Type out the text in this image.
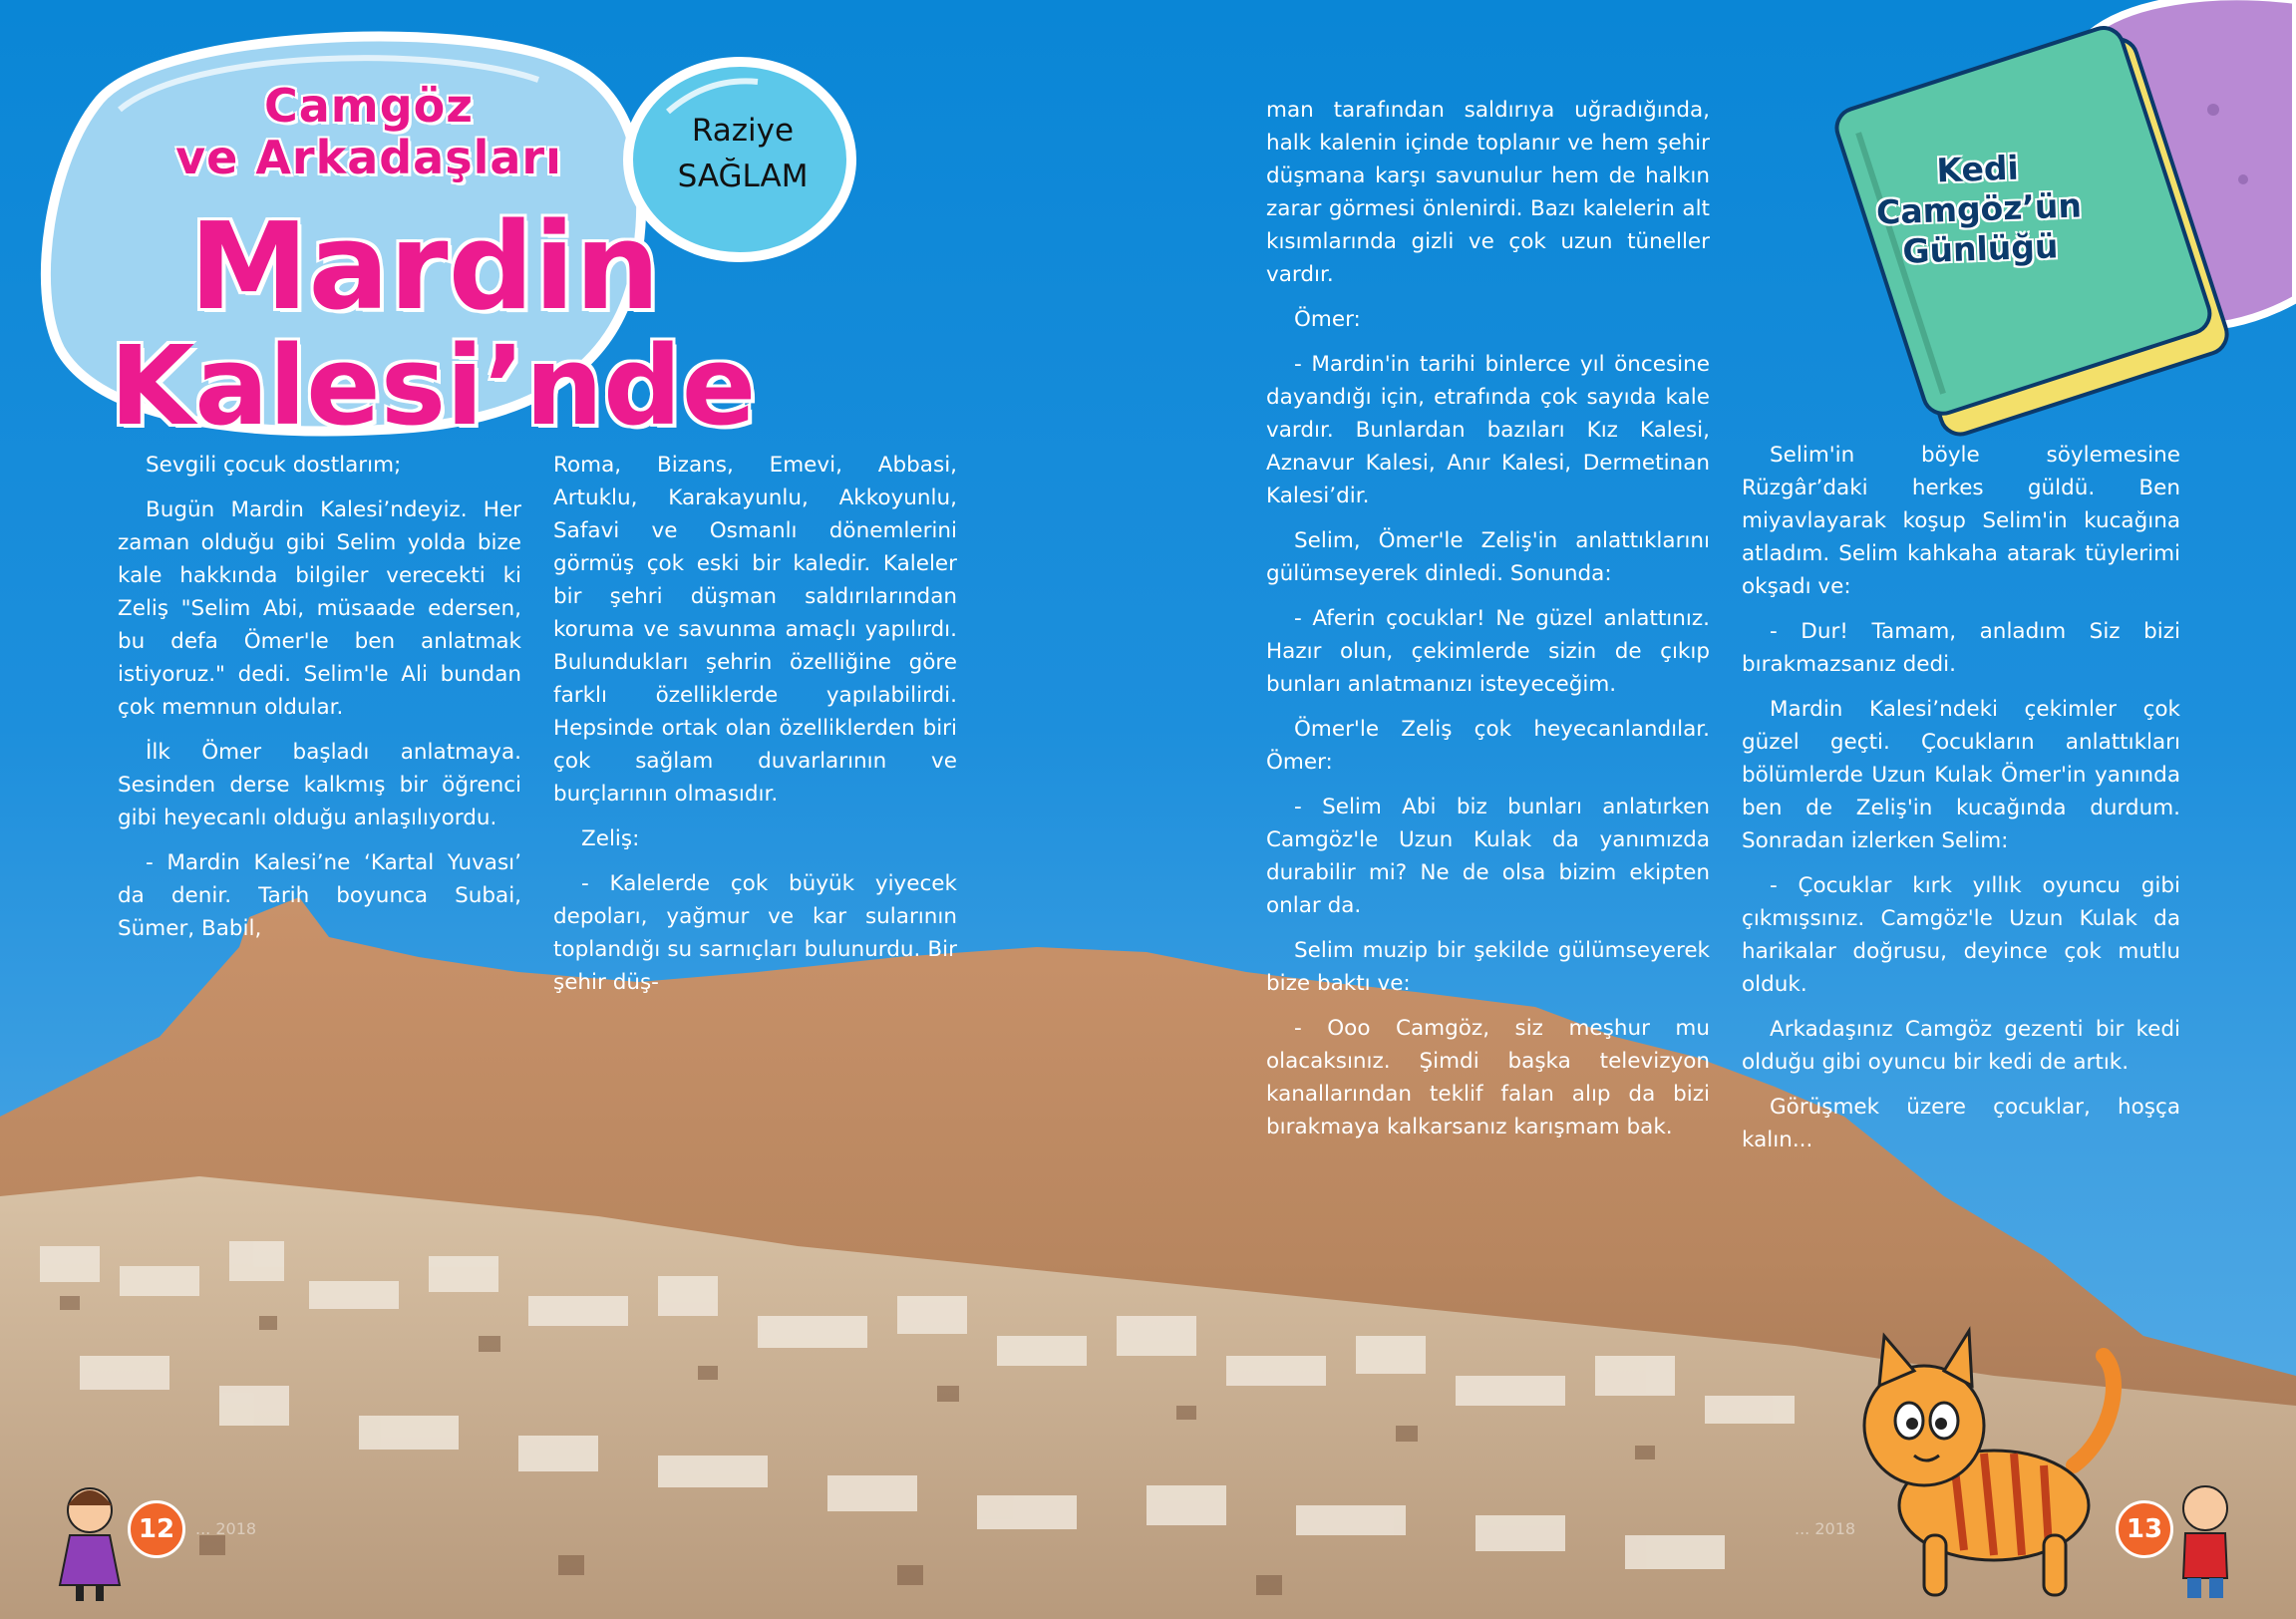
Camgöz
ve Arkadaşları
Mardin
Kalesi’nde
Raziye
SAĞLAM	Kedi
Camgöz’ün
Günlüğü

Sevgili çocuk dostlarım;

Bugün Mardin Kalesi’ndeyiz. Her zaman olduğu gibi Selim yolda bize kale hakkında bilgiler verecekti ki Zeliş "Selim Abi, müsaade edersen, bu defa Ömer'le ben anlatmak istiyoruz." dedi. Selim'le Ali bundan çok memnun oldular.

İlk Ömer başladı anlatmaya. Sesinden derse kalkmış bir öğrenci gibi heyecanlı olduğu anlaşılıyordu.

- Mardin Kalesi’ne ‘Kartal Yuvası’ da denir. Tarih boyunca Subai, Sümer, Babil,

Roma, Bizans, Emevi, Abbasi, Artuklu, Karakayunlu, Akkoyunlu, Safavi ve Osmanlı dönemlerini görmüş çok eski bir kaledir. Kaleler bir şehri düşman saldırılarından koruma ve savunma amaçlı yapılırdı. Bulundukları şehrin özelliğine göre farklı özelliklerde yapılabilirdi. Hepsinde ortak olan özelliklerden biri çok sağlam duvarlarının ve burçlarının olmasıdır.

Zeliş:

- Kalelerde çok büyük yiyecek depoları, yağmur ve kar sularının toplandığı su sarnıçları bulunurdu. Bir şehir düş-

man tarafından saldırıya uğradığında, halk kalenin içinde toplanır ve hem şehir düşmana karşı savunulur hem de halkın zarar görmesi önlenirdi. Bazı kalelerin alt kısımlarında gizli ve çok uzun tüneller vardır.

Ömer:

- Mardin'in tarihi binlerce yıl öncesine dayandığı için, etrafında çok sayıda kale vardır. Bunlardan bazıları Kız Kalesi, Aznavur Kalesi, Anır Kalesi, Dermetinan Kalesi’dir.

Selim, Ömer'le Zeliş'in anlattıklarını gülümseyerek dinledi. Sonunda:

- Aferin çocuklar! Ne güzel anlattınız. Hazır olun, çekimlerde sizin de çıkıp bunları anlatmanızı isteyeceğim.

Ömer'le Zeliş çok heyecanlandılar. Ömer:

- Selim Abi biz bunları anlatırken Camgöz'le Uzun Kulak da yanımızda durabilir mi? Ne de olsa bizim ekipten onlar da.

Selim muzip bir şekilde gülümseyerek bize baktı ve:

- Ooo Camgöz, siz meşhur mu olacaksınız. Şimdi başka televizyon kanallarından teklif falan alıp da bizi bırakmaya kalkarsanız karışmam bak.

Selim'in böyle söylemesine Rüzgâr’daki herkes güldü. Ben miyavlayarak koşup Selim'in kucağına atladım. Selim kahkaha atarak tüylerimi okşadı ve:

- Dur! Tamam, anladım Siz bizi bırakmazsanız dedi.

Mardin Kalesi’ndeki çekimler çok güzel geçti. Çocukların anlattıkları bölümlerde Uzun Kulak Ömer'in yanında ben de Zeliş'in kucağında durdum. Sonradan izlerken Selim:

- Çocuklar kırk yıllık oyuncu gibi çıkmışsınız. Camgöz'le Uzun Kulak da harikalar doğrusu, deyince çok mutlu olduk.

Arkadaşınız Camgöz gezenti bir kedi olduğu gibi oyuncu bir kedi de artık.

Görüşmek üzere çocuklar, hoşça kalın...

12	13
... 2018	... 2018
